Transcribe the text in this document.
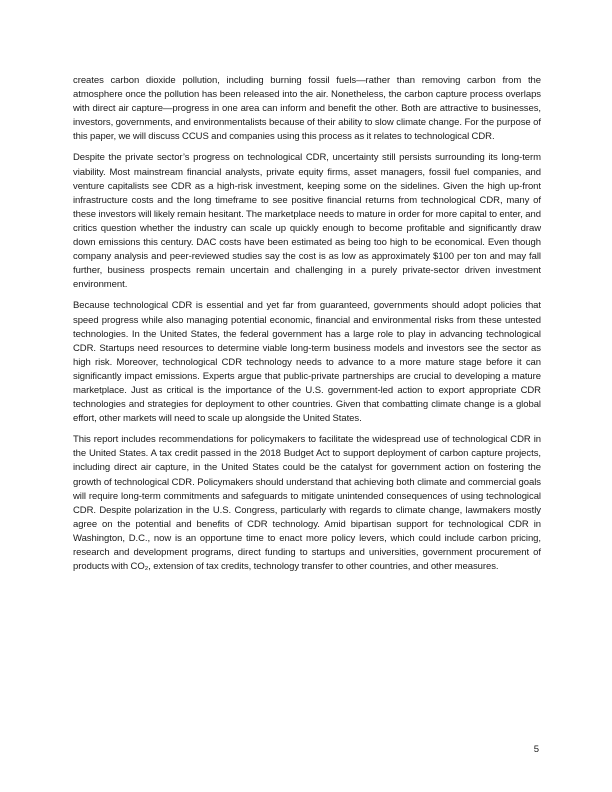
creates carbon dioxide pollution, including burning fossil fuels—rather than removing carbon from the atmosphere once the pollution has been released into the air. Nonetheless, the carbon capture process overlaps with direct air capture—progress in one area can inform and benefit the other. Both are attractive to businesses, investors, governments, and environmentalists because of their ability to slow climate change. For the purpose of this paper, we will discuss CCUS and companies using this process as it relates to technological CDR.

Despite the private sector’s progress on technological CDR, uncertainty still persists surrounding its long-term viability. Most mainstream financial analysts, private equity firms, asset managers, fossil fuel companies, and venture capitalists see CDR as a high-risk investment, keeping some on the sidelines. Given the high up-front infrastructure costs and the long timeframe to see positive financial returns from technological CDR, many of these investors will likely remain hesitant. The marketplace needs to mature in order for more capital to enter, and critics question whether the industry can scale up quickly enough to become profitable and significantly draw down emissions this century. DAC costs have been estimated as being too high to be economical. Even though company analysis and peer-reviewed studies say the cost is as low as approximately $100 per ton and may fall further, business prospects remain uncertain and challenging in a purely private-sector driven investment environment.

Because technological CDR is essential and yet far from guaranteed, governments should adopt policies that speed progress while also managing potential economic, financial and environmental risks from these untested technologies. In the United States, the federal government has a large role to play in advancing technological CDR. Startups need resources to determine viable long-term business models and investors see the sector as high risk. Moreover, technological CDR technology needs to advance to a more mature stage before it can significantly impact emissions. Experts argue that public-private partnerships are crucial to developing a mature marketplace. Just as critical is the importance of the U.S. government-led action to export appropriate CDR technologies and strategies for deployment to other countries. Given that combatting climate change is a global effort, other markets will need to scale up alongside the United States.

This report includes recommendations for policymakers to facilitate the widespread use of technological CDR in the United States. A tax credit passed in the 2018 Budget Act to support deployment of carbon capture projects, including direct air capture, in the United States could be the catalyst for government action on fostering the growth of technological CDR. Policymakers should understand that achieving both climate and commercial goals will require long-term commitments and safeguards to mitigate unintended consequences of using technological CDR. Despite polarization in the U.S. Congress, particularly with regards to climate change, lawmakers mostly agree on the potential and benefits of CDR technology. Amid bipartisan support for technological CDR in Washington, D.C., now is an opportune time to enact more policy levers, which could include carbon pricing, research and development programs, direct funding to startups and universities, government procurement of products with CO₂, extension of tax credits, technology transfer to other countries, and other measures.

5
